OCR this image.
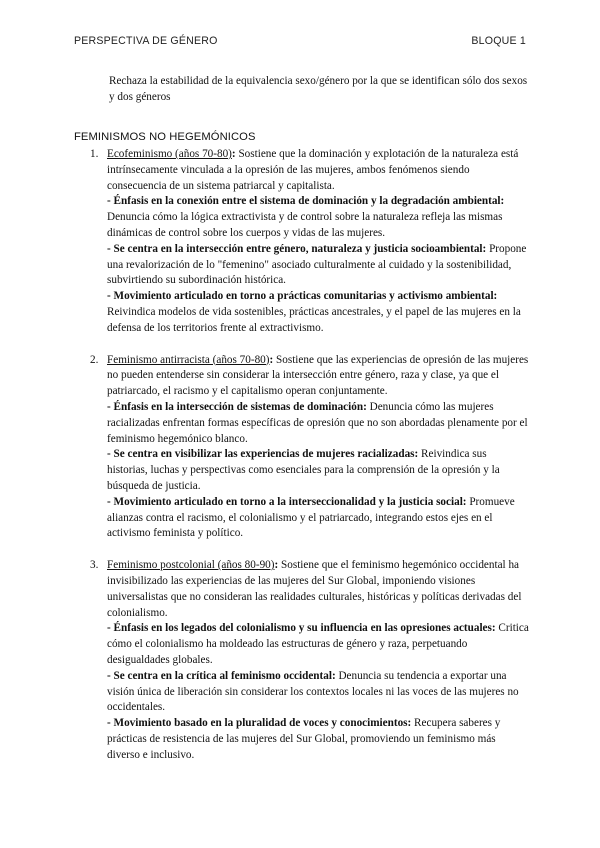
PERSPECTIVA DE GÉNERO	BLOQUE 1
Rechaza la estabilidad de la equivalencia sexo/género por la que se identifican sólo dos sexos y dos géneros
FEMINISMOS NO HEGEMÓNICOS
1. Ecofeminismo (años 70-80): Sostiene que la dominación y explotación de la naturaleza está intrínsecamente vinculada a la opresión de las mujeres, ambos fenómenos siendo consecuencia de un sistema patriarcal y capitalista.
- Énfasis en la conexión entre el sistema de dominación y la degradación ambiental: Denuncia cómo la lógica extractivista y de control sobre la naturaleza refleja las mismas dinámicas de control sobre los cuerpos y vidas de las mujeres.
- Se centra en la intersección entre género, naturaleza y justicia socioambiental: Propone una revalorización de lo "femenino" asociado culturalmente al cuidado y la sostenibilidad, subvirtiendo su subordinación histórica.
- Movimiento articulado en torno a prácticas comunitarias y activismo ambiental: Reivindica modelos de vida sostenibles, prácticas ancestrales, y el papel de las mujeres en la defensa de los territorios frente al extractivismo.
2. Feminismo antirracista (años 70-80): Sostiene que las experiencias de opresión de las mujeres no pueden entenderse sin considerar la intersección entre género, raza y clase, ya que el patriarcado, el racismo y el capitalismo operan conjuntamente.
- Énfasis en la intersección de sistemas de dominación: Denuncia cómo las mujeres racializadas enfrentan formas específicas de opresión que no son abordadas plenamente por el feminismo hegemónico blanco.
- Se centra en visibilizar las experiencias de mujeres racializadas: Reivindica sus historias, luchas y perspectivas como esenciales para la comprensión de la opresión y la búsqueda de justicia.
- Movimiento articulado en torno a la interseccionalidad y la justicia social: Promueve alianzas contra el racismo, el colonialismo y el patriarcado, integrando estos ejes en el activismo feminista y político.
3. Feminismo postcolonial (años 80-90): Sostiene que el feminismo hegemónico occidental ha invisibilizado las experiencias de las mujeres del Sur Global, imponiendo visiones universalistas que no consideran las realidades culturales, históricas y políticas derivadas del colonialismo.
- Énfasis en los legados del colonialismo y su influencia en las opresiones actuales: Critica cómo el colonialismo ha moldeado las estructuras de género y raza, perpetuando desigualdades globales.
- Se centra en la crítica al feminismo occidental: Denuncia su tendencia a exportar una visión única de liberación sin considerar los contextos locales ni las voces de las mujeres no occidentales.
- Movimiento basado en la pluralidad de voces y conocimientos: Recupera saberes y prácticas de resistencia de las mujeres del Sur Global, promoviendo un feminismo más diverso e inclusivo.
